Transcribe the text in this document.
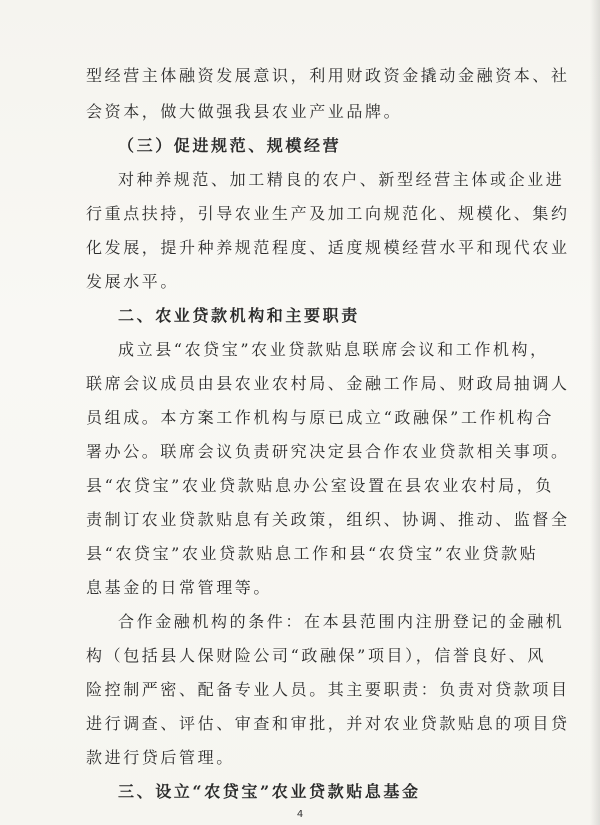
型经营主体融资发展意识，利用财政资金撬动金融资本、社
会资本，做大做强我县农业产业品牌。
（三）促进规范、规模经营
对种养规范、加工精良的农户、新型经营主体或企业进
行重点扶持，引导农业生产及加工向规范化、规模化、集约
化发展，提升种养规范程度、适度规模经营水平和现代农业
发展水平。
二、农业贷款机构和主要职责
成立县“农贷宝”农业贷款贴息联席会议和工作机构，
联席会议成员由县农业农村局、金融工作局、财政局抽调人
员组成。本方案工作机构与原已成立“政融保”工作机构合
署办公。联席会议负责研究决定县合作农业贷款相关事项。
县“农贷宝”农业贷款贴息办公室设置在县农业农村局，负
责制订农业贷款贴息有关政策，组织、协调、推动、监督全
县“农贷宝”农业贷款贴息工作和县“农贷宝”农业贷款贴
息基金的日常管理等。
合作金融机构的条件：在本县范围内注册登记的金融机
构（包括县人保财险公司“政融保”项目），信誉良好、风
险控制严密、配备专业人员。其主要职责：负责对贷款项目
进行调查、评估、审查和审批，并对农业贷款贴息的项目贷
款进行贷后管理。
三、设立“农贷宝”农业贷款贴息基金
4
